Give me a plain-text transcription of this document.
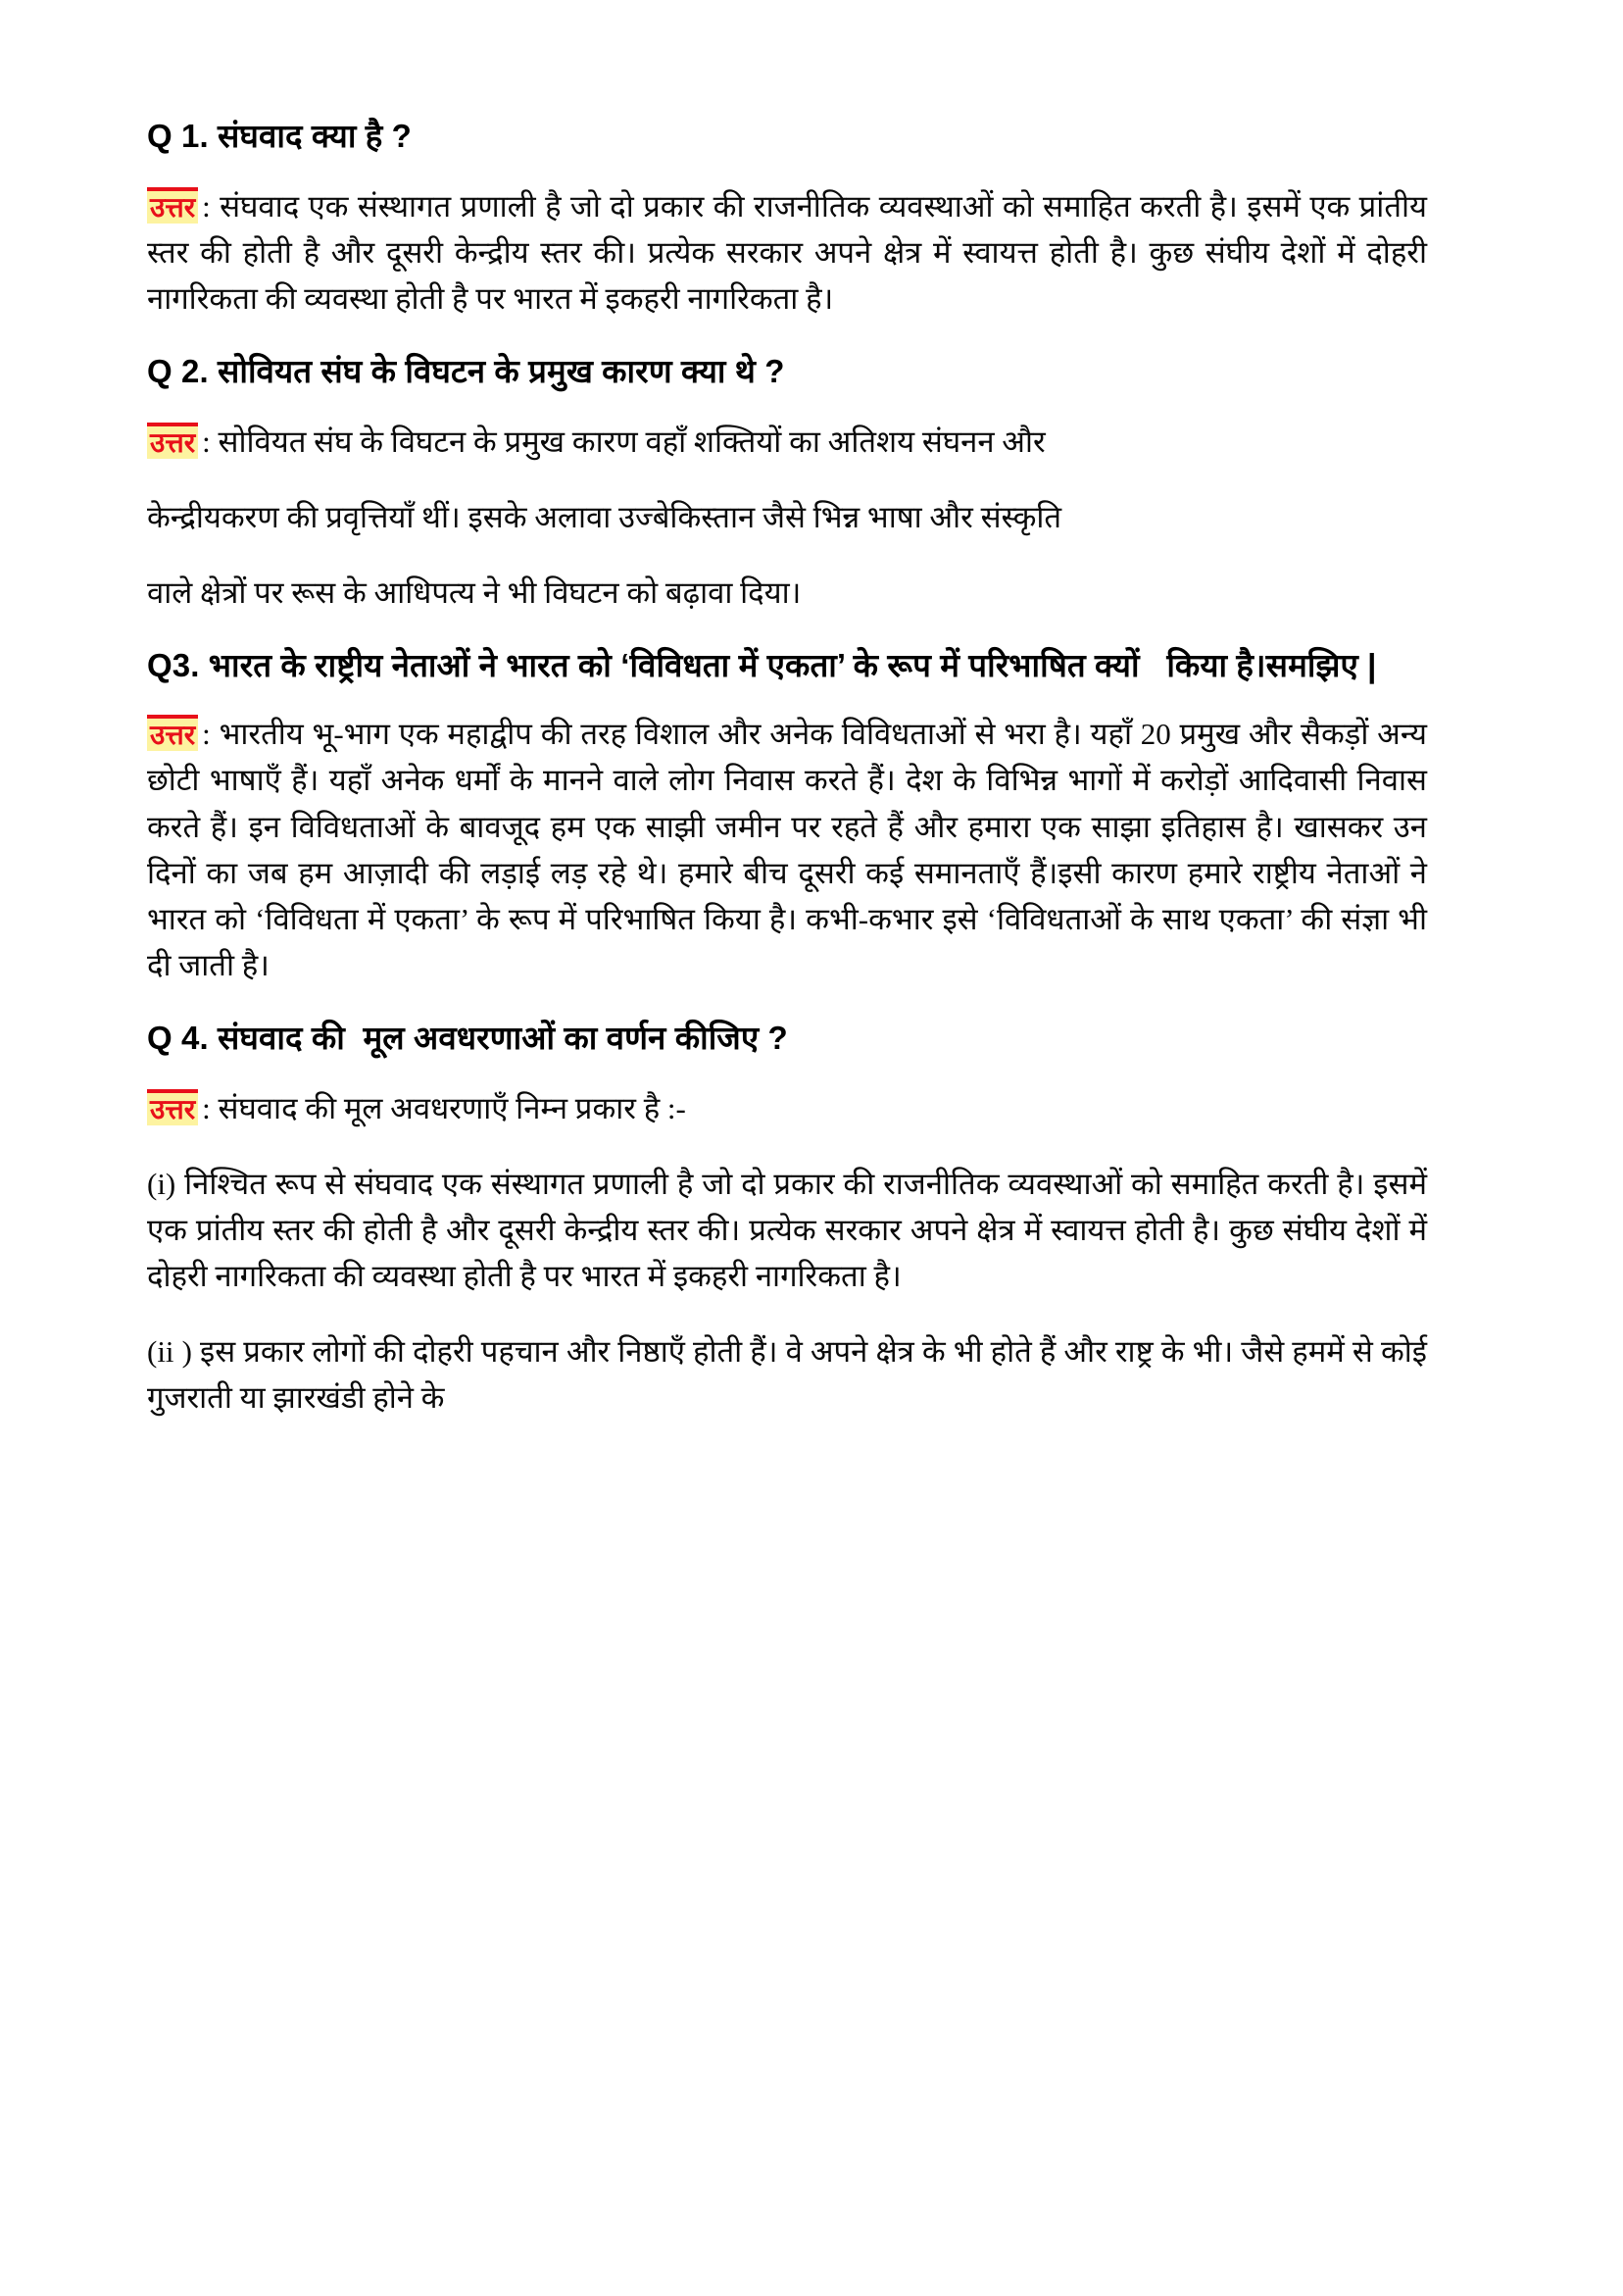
Q 1. संघवाद क्या है ?

उत्तर : संघवाद एक संस्थागत प्रणाली है जो दो प्रकार की राजनीतिक व्यवस्थाओं को समाहित करती है। इसमें एक प्रांतीय स्तर की होती है और दूसरी केन्द्रीय स्तर की। प्रत्येक सरकार अपने क्षेत्र में स्वायत्त होती है। कुछ संघीय देशों में दोहरी नागरिकता की व्यवस्था होती है पर भारत में इकहरी नागरिकता है।

Q 2. सोवियत संघ के विघटन के प्रमुख कारण क्या थे ?

उत्तर : सोवियत संघ के विघटन के प्रमुख कारण वहाँ शक्तियों का अतिशय संघनन और

केन्द्रीयकरण की प्रवृत्तियाँ थीं। इसके अलावा उज्बेकिस्तान जैसे भिन्न भाषा और संस्कृति

वाले क्षेत्रों पर रूस के आधिपत्य ने भी विघटन को बढ़ावा दिया।

Q3. भारत के राष्ट्रीय नेताओं ने भारत को ‘विविधता में एकता’ के रूप में परिभाषित क्यों   किया है।समझिए |

उत्तर : भारतीय भू-भाग एक महाद्वीप की तरह विशाल और अनेक विविधताओं से भरा है। यहाँ 20 प्रमुख और सैकड़ों अन्य छोटी भाषाएँ हैं। यहाँ अनेक धर्मों के मानने वाले लोग निवास करते हैं। देश के विभिन्न भागों में करोड़ों आदिवासी निवास करते हैं। इन विविधताओं के बावजूद हम एक साझी जमीन पर रहते हैं और हमारा एक साझा इतिहास है। खासकर उन दिनों का जब हम आज़ादी की लड़ाई लड़ रहे थे। हमारे बीच दूसरी कई समानताएँ हैं।इसी कारण हमारे राष्ट्रीय नेताओं ने भारत को ‘विविधता में एकता’ के रूप में परिभाषित किया है। कभी-कभार इसे ‘विविधताओं के साथ एकता’ की संज्ञा भी दी जाती है।

Q 4. संघवाद की  मूल अवधरणाओं का वर्णन कीजिए ?

उत्तर : संघवाद की मूल अवधरणाएँ निम्न प्रकार है :-

(i) निश्चित रूप से संघवाद एक संस्थागत प्रणाली है जो दो प्रकार की राजनीतिक व्यवस्थाओं को समाहित करती है। इसमें एक प्रांतीय स्तर की होती है और दूसरी केन्द्रीय स्तर की। प्रत्येक सरकार अपने क्षेत्र में स्वायत्त होती है। कुछ संघीय देशों में दोहरी नागरिकता की व्यवस्था होती है पर भारत में इकहरी नागरिकता है।

(ii ) इस प्रकार लोगों की दोहरी पहचान और निष्ठाएँ होती हैं। वे अपने क्षेत्र के भी होते हैं और राष्ट्र के भी। जैसे हममें से कोई गुजराती या झारखंडी होने के
